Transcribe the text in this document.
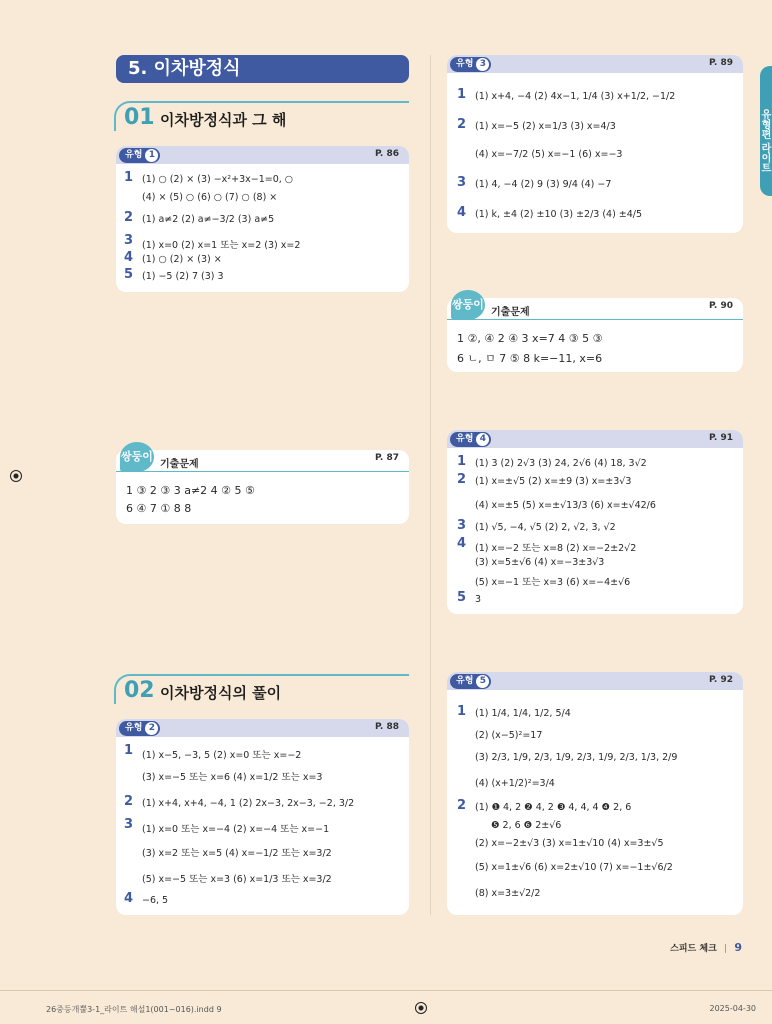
유형편 라이트
5. 이차방정식
01 이차방정식과 그 해
유형 1	P. 86
1 (1) ○ (2) × (3) −x²+3x−1=0, ○
(4) × (5) ○ (6) ○ (7) ○ (8) ×
2 (1) a≠2 (2) a≠−3/2 (3) a≠5
3 (1) x=0 (2) x=1 또는 x=2 (3) x=2
4 (1) ○ (2) × (3) ×
5 (1) −5 (2) 7 (3) 3
쌍둥이
기출문제
P. 87
1 ③ 2 ③ 3 a≠2 4 ② 5 ⑤
6 ④ 7 ① 8 8
02 이차방정식의 풀이
유형 2	P. 88
1 (1) x−5, −3, 5 (2) x=0 또는 x=−2
(3) x=−5 또는 x=6 (4) x=1/2 또는 x=3
2 (1) x+4, x+4, −4, 1 (2) 2x−3, 2x−3, −2, 3/2
3 (1) x=0 또는 x=−4 (2) x=−4 또는 x=−1
(3) x=2 또는 x=5 (4) x=−1/2 또는 x=3/2
(5) x=−5 또는 x=3 (6) x=1/3 또는 x=3/2
4 −6, 5
유형 3	P. 89
1 (1) x+4, −4 (2) 4x−1, 1/4 (3) x+1/2, −1/2
2 (1) x=−5 (2) x=1/3 (3) x=4/3
(4) x=−7/2 (5) x=−1 (6) x=−3
3 (1) 4, −4 (2) 9 (3) 9/4 (4) −7
4 (1) k, ±4 (2) ±10 (3) ±2/3 (4) ±4/5
쌍둥이
기출문제
P. 90
1 ②, ④ 2 ④ 3 x=7 4 ③ 5 ③
6 ㄴ, ㅁ 7 ⑤ 8 k=−11, x=6
유형 4	P. 91
1 (1) 3 (2) 2√3 (3) 24, 2√6 (4) 18, 3√2
2 (1) x=±√5 (2) x=±9 (3) x=±3√3
(4) x=±5 (5) x=±√13/3 (6) x=±√42/6
3 (1) √5, −4, √5 (2) 2, √2, 3, √2
4 (1) x=−2 또는 x=8 (2) x=−2±2√2
(3) x=5±√6 (4) x=−3±3√3
(5) x=−1 또는 x=3 (6) x=−4±√6
5 3
유형 5	P. 92
1 (1) 1/4, 1/4, 1/2, 5/4
(2) (x−5)²=17
(3) 2/3, 1/9, 2/3, 1/9, 2/3, 1/9, 2/3, 1/3, 2/9
(4) (x+1/2)²=3/4
2 (1) ❶ 4, 2 ❷ 4, 2 ❸ 4, 4, 4 ❹ 2, 6
❺ 2, 6 ❻ 2±√6
(2) x=−2±√3 (3) x=1±√10 (4) x=3±√5
(5) x=1±√6 (6) x=2±√10 (7) x=−1±√6/2
(8) x=3±√2/2
스피드 체크 | 9
26중등개뿔3-1_라이트 해설1(001~016).indd 9	2025-04-30
